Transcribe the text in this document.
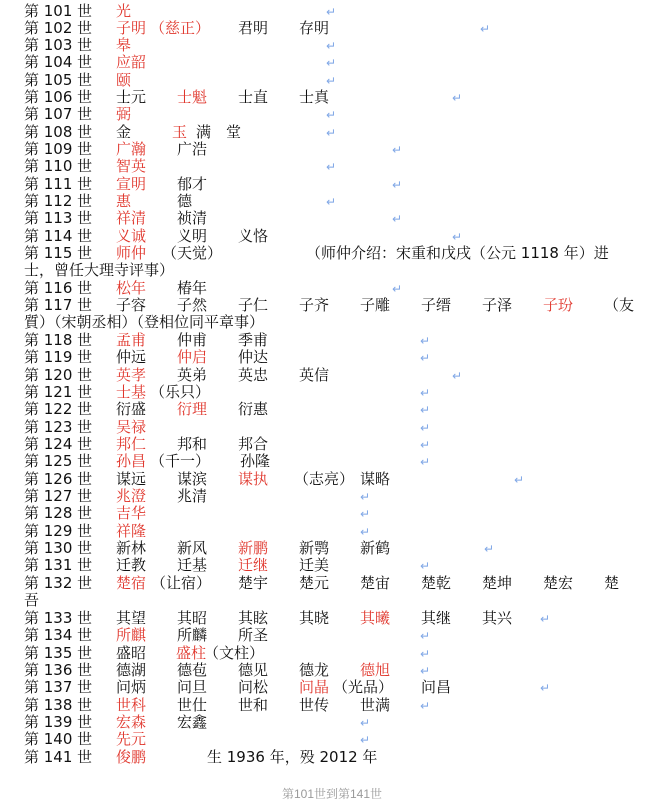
第 101 世	光	↵
第 102 世	子明 （慈正） 君明 存明	↵
第 103 世	皋	↵
第 104 世	应韶	↵
第 105 世	颐	↵
第 106 世	士元 士魁 士直 士真	↵
第 107 世	弼	↵
第 108 世	金	玉 满 堂	↵
第 109 世	广瀚 广浩	↵
第 110 世	智英	↵
第 111 世	宣明 郁才	↵
第 112 世	惠	德	↵
第 113 世	祥清 祯清	↵
第 114 世	义诚 义明 义恪	↵
第 115 世	师仲 （天觉）	（师仲介绍：宋重和戊戌（公元 1118 年）进
士，曾任大理寺评事）
第 116 世	松年 椿年	↵
第 117 世	子容 子然 子仁 子齐 子雕 子缙 子泽 子玢 （友
質）（宋朝丞相）（登相位同平章事）
第 118 世	孟甫 仲甫 季甫	↵
第 119 世	仲远 仲启 仲达	↵
第 120 世	英孝 英弟 英忠 英信	↵
第 121 世	士基 （乐只）	↵
第 122 世	衍盛 衍理 衍惠	↵
第 123 世	吴禄	↵
第 124 世	邦仁 邦和 邦合	↵
第 125 世	孙昌 （千一） 孙隆	↵
第 126 世	谋远 谋滨 谋执 （志亮） 谋略	↵
第 127 世	兆澄 兆清	↵
第 128 世	吉华	↵
第 129 世	祥隆	↵
第 130 世	新林 新风 新鹏 新鹗 新鹤	↵
第 131 世	迁教 迁基 迁继 迁美	↵
第 132 世	楚宿 （让宿） 楚宇 楚元 楚宙 楚乾 楚坤 楚宏 楚
吾
第 133 世	其望 其昭 其眩 其晓 其曦 其继 其兴 ↵
第 134 世	所麒 所麟 所圣	↵
第 135 世	盛昭 盛柱
（文柱）	↵
第 136 世	德湖 德苞 德见 德龙 德旭 ↵
第 137 世	问炳 问旦 问松 问晶 （光品） 问昌	↵
第 138 世	世科 世仕 世和 世传 世满 ↵
第 139 世	宏森 宏鑫	↵
第 140 世	先元	↵
第 141 世	俊鹏	生 1936 年，殁 2012 年
第101世到第141世
